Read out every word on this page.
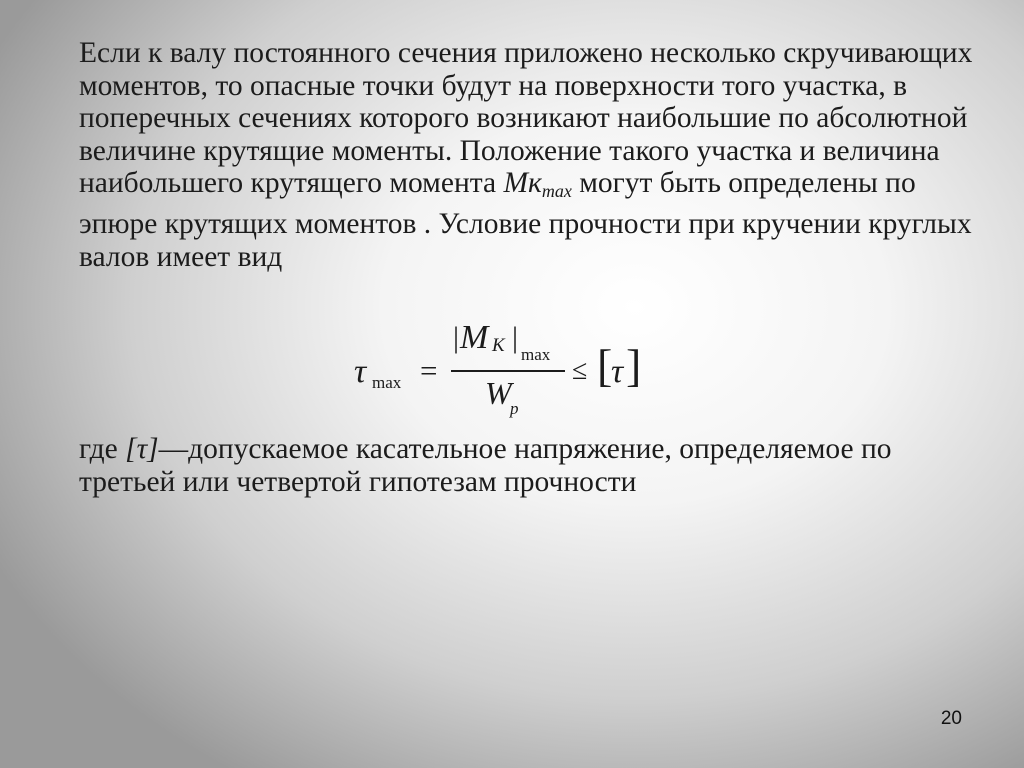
Если к валу постоянного сечения приложено несколько скручивающих моментов, то опасные точки будут на поверхности того участка, в поперечных сечениях которого возникают наибольшие по абсолютной величине крутящие моменты. Положение такого участка и величина наибольшего крутящего момента $Мк_{max}$ могут быть определены по эпюре крутящих моментов . Условие прочности при кручении круглых валов имеет вид

τ max =
| M K |
max
W
p
≤ [
τ ]

где [τ]—допускаемое касательное напряжение, определяемое по третьей или четвертой гипотезам прочности

20
